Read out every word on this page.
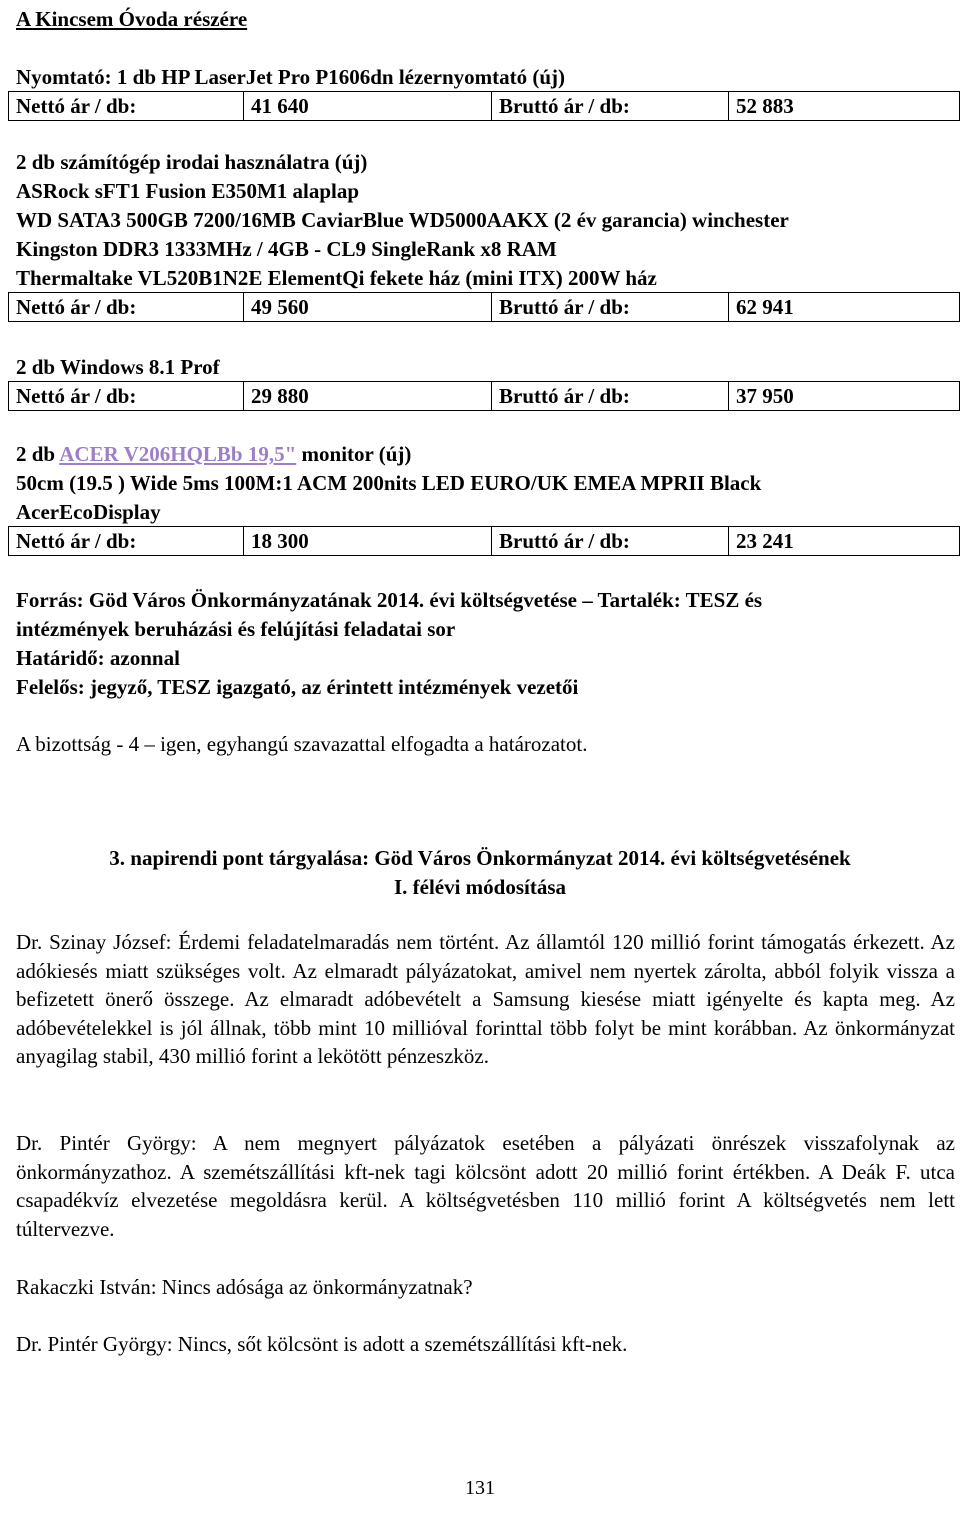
A Kincsem Óvoda részére
Nyomtató: 1 db HP LaserJet Pro P1606dn lézernyomtató (új)
Nettó ár / db:	41 640	Bruttó ár / db:	52 883
2 db számítógép irodai használatra (új)
ASRock sFT1 Fusion E350M1 alaplap
WD SATA3 500GB 7200/16MB CaviarBlue WD5000AAKX (2 év garancia) winchester
Kingston DDR3 1333MHz / 4GB - CL9 SingleRank x8 RAM
Thermaltake VL520B1N2E ElementQi fekete ház (mini ITX) 200W ház
Nettó ár / db:	49 560	Bruttó ár / db:	62 941
2 db Windows 8.1 Prof
Nettó ár / db:	29 880	Bruttó ár / db:	37 950
2 db ACER V206HQLBb 19,5" monitor (új)
50cm (19.5 ) Wide 5ms 100M:1 ACM 200nits LED EURO/UK EMEA MPRII Black
AcerEcoDisplay
Nettó ár / db:	18 300	Bruttó ár / db:	23 241
Forrás: Göd Város Önkormányzatának 2014. évi költségvetése – Tartalék: TESZ és
intézmények beruházási és felújítási feladatai sor
Határidő: azonnal
Felelős: jegyző, TESZ igazgató, az érintett intézmények vezetői
A bizottság - 4 – igen, egyhangú szavazattal elfogadta a határozatot.
3. napirendi pont tárgyalása: Göd Város Önkormányzat 2014. évi költségvetésének
I. félévi módosítása
Dr. Szinay József: Érdemi feladatelmaradás nem történt. Az államtól 120 millió forint támogatás érkezett. Az adókiesés miatt szükséges volt. Az elmaradt pályázatokat, amivel nem nyertek zárolta, abból folyik vissza a befizetett önerő összege. Az elmaradt adóbevételt a Samsung kiesése miatt igényelte és kapta meg. Az adóbevételekkel is jól állnak, több mint 10 millióval forinttal több folyt be mint korábban. Az önkormányzat anyagilag stabil, 430 millió forint a lekötött pénzeszköz.
Dr. Pintér György: A nem megnyert pályázatok esetében a pályázati önrészek visszafolynak az önkormányzathoz. A szemétszállítási kft-nek tagi kölcsönt adott 20 millió forint értékben. A Deák F. utca csapadékvíz elvezetése megoldásra kerül. A költségvetésben 110 millió forint A költségvetés nem lett túltervezve.
Rakaczki István: Nincs adósága az önkormányzatnak?
Dr. Pintér György: Nincs, sőt kölcsönt is adott a szemétszállítási kft-nek.
131
